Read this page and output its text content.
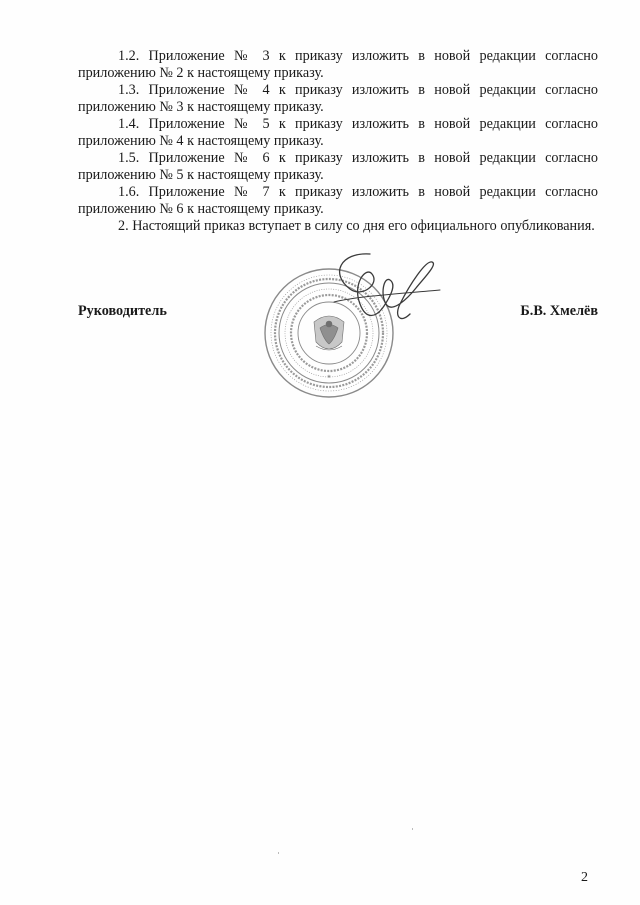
1.2. Приложение № 3 к приказу изложить в новой редакции согласно приложению № 2 к настоящему приказу.

1.3. Приложение № 4 к приказу изложить в новой редакции согласно приложению № 3 к настоящему приказу.

1.4. Приложение № 5 к приказу изложить в новой редакции согласно приложению № 4 к настоящему приказу.

1.5. Приложение № 6 к приказу изложить в новой редакции согласно приложению № 5 к настоящему приказу.

1.6. Приложение № 7 к приказу изложить в новой редакции согласно приложению № 6 к настоящему приказу.

2. Настоящий приказ вступает в силу со дня его официального опубликования.

★
Руководитель	Б.В. Хмелёв
2
